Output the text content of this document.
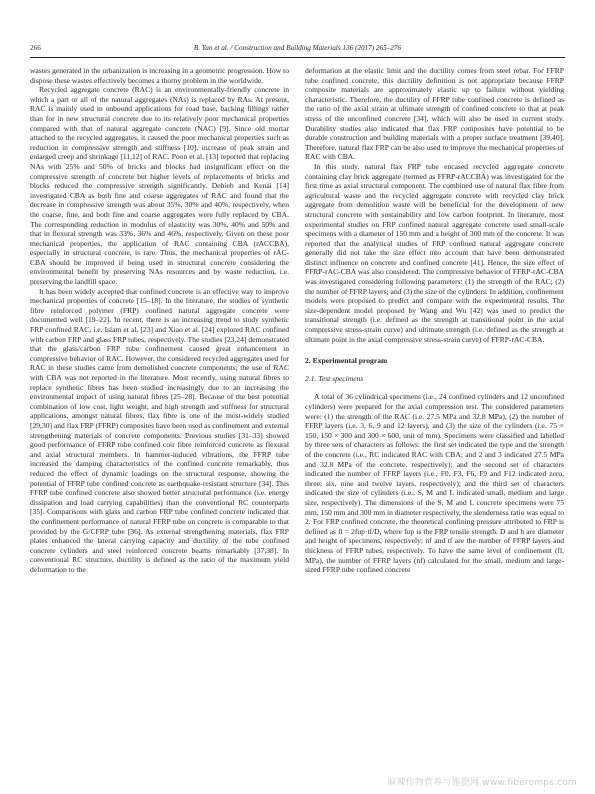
266	B. Yan et al. / Construction and Building Materials 136 (2017) 265–276

wastes generated in the urbanization is increasing in a geometric progression. How to dispose these wastes effectively becomes a thorny problem in the worldwide.

Recycled aggregate concrete (RAC) is an environmentally-friendly concrete in which a part or all of the natural aggregates (NAs) is replaced by RAs. At present, RAC is mainly used in unbound applications for road base, backing fillings rather than for in new structural concrete due to its relatively poor mechanical properties compared with that of natural aggregate concrete (NAC) [9]. Since old mortar attached to the recycled aggregates, it caused the poor mechanical properties such as reduction in compressive strength and stiffness [10], increase of peak strain and enlarged creep and shrinkage [11,12] of RAC. Poon et al. [13] reported that replacing NAs with 25% and 50% of bricks and blocks had insignificant effect on the compressive strength of concrete but higher levels of replacements of bricks and blocks reduced the compressive strength significantly. Debieb and Kenai [14] investigated CBA as both fine and coarse aggregates of RAC and found that the decrease in compressive strength was about 35%, 30% and 40%, respectively, when the coarse, fine, and both fine and coarse aggregates were fully replaced by CBA. The corresponding reduction in modulus of elasticity was 30%, 40% and 50% and that in flexural strength was 33%, 36% and 46%, respectively. Given on these poor mechanical properties, the application of RAC containing CBA (rACCBA), especially in structural concrete, is rare. Thus, the mechanical properties of rAC-CBA should be improved if being used in structural concrete considering the environmental benefit by preserving NAs resources and by waste reduction, i.e. preserving the landfill space.

It has been widely accepted that confined concrete is an effective way to improve mechanical properties of concrete [15–18]. In the literature, the studies of synthetic fibre reinforced polymer (FRP) confined natural aggregate concrete were documented well [19–22]. In recent, there is an increasing trend to study synthetic FRP confined RAC, i.e. Islam et al. [23] and Xiao et al. [24] explored RAC confined with carbon FRP and glass FRP tubes, respectively. The studies [23,24] demonstrated that the glass/carbon FRP tube confinement caused great enhancement in compressive behavior of RAC. However, the considered recycled aggregates used for RAC in these studies came from demolished concrete components; the use of RAC with CBA was not reported in the literature. Most recently, using natural fibres to replace synthetic fibres has been studied increasingly due to an increasing the environmental impact of using natural fibres [25–28]. Because of the best potential combination of low cost, light weight, and high strength and stiffness for structural applications, amongst natural fibres, flax fibre is one of the most-widely studied [29,30] and flax FRP (FFRP) composites have been used as confinement and external strengthening materials of concrete components. Previous studies [31–33] showed good performance of FFRP tube confined coir fibre reinforced concrete as flexural and axial structural members. In hammer-induced vibrations, the FFRP tube increased the damping characteristics of the confined concrete remarkably, thus reduced the effect of dynamic loadings on the structural response, showing the potential of FFRP tube confined concrete as earthquake-resistant structure [34]. This FFRP tube confined concrete also showed better structural performance (i.e. energy dissipation and load carrying capabilities) than the conventional RC counterparts [35]. Comparisons with glass and carbon FRP tube confined concrete indicated that the confinement performance of natural FFRP tube on concrete is comparable to that provided by the G/CFRP tube [36]. As external strengthening materials, flax FRP plates enhanced the lateral carrying capacity and ductility of the tube confined concrete cylinders and steel reinforced concrete beams remarkably [37,38]. In conventional RC structure, ductility is defined as the ratio of the maximum yield deformation to the

deformation at the elastic limit and the ductility comes from steel rebar. For FFRP tube confined concrete, this ductility definition is not appropriate because FFRP composite materials are approximately elastic up to failure without yielding characteristic. Therefore, the ductility of FFRP tube confined concrete is defined as the ratio of the axial strain at ultimate strength of confined concrete to that at peak stress of the unconfined concrete [34], which will also be used in current study. Durability studies also indicated that flax FRP composites have potential to be durable construction and building materials with a proper surface treatment [39,40]. Therefore, natural flax FRP can be also used to improve the mechanical properties of RAC with CBA.

In this study, natural flax FRP tube encased recycled aggregate concrete containing clay brick aggregate (termed as FFRP-rACCBA) was investigated for the first time as axial structural component. The combined use of natural flax fibre from agricultural waste and the recycled aggregate concrete with recycled clay brick aggregate from demolition waste will be beneficial for the development of new structural concrete with sustainability and low carbon footprint. In literature, most experimental studies on FRP confined natural aggregate concrete used small-scale specimens with a diameter of 150 mm and a height of 300 mm of the concrete. It was reported that the analytical studies of FRP confined natural aggregate concrete generally did not take the size effect into account that have been demonstrated distinct influence on concrete and confined concrete [41]. Hence, the size effect of FFRP-rAC-CBA was also considered. The compressive behavior of FFRP-rAC-CBA was investigated considering following parameters: (1) the strength of the RAC; (2) the number of FFRP layers; and (3) the size of the cylinders. In addition, confinement models were proposed to predict and compare with the experimental results. The size-dependent model proposed by Wang and Wu [42] was used to predict the transitional strength (i.e. defined as the strength at transitional point in the axial compressive stress-strain curve) and ultimate strength (i.e. defined as the strength at ultimate point in the axial compressive stress-strain curve) of FFRP-rAC-CBA.

2. Experimental program
2.1. Test specimens

A total of 36 cylindrical specimens (i.e., 24 confined cylinders and 12 unconfined cylinders) were prepared for the axial compression test. The considered parameters were: (1) the strength of the RAC (i.e. 27.5 MPa and 32.8 MPa), (2) the number of FFRP layers (i.e. 3, 6, 9 and 12 layers), and (3) the size of the cylinders (i.e. 75 × 150, 150 × 300 and 300 × 600, unit of mm). Specimens were classified and labelled by three sets of characters as follows: the first set indicated the type and the strength of the concrete (i.e., RC indicated RAC with CBA; and 2 and 3 indicated 27.5 MPa and 32.8 MPa of the concrete, respectively); and the second set of characters indicated the number of FFRP layers (i.e., F0, F3, F6, F9 and F12 indicated zero, three, six, nine and twelve layers, respectively); and the third set of characters indicated the size of cylinders (i.e., S, M and L indicated small, medium and large size, respectively). The dimensions of the S, M and L concrete specimens were 75 mm, 150 mm and 300 mm in diameter respectively, the slenderness ratio was equal to 2. For FRP confined concrete, the theoretical confining pressure attributed to FRP is defined as fl = 2fup·tf/D, where fup is the FRP tensile strength. D and h are diameter and height of specimens, respectively; nf and tf are the number of FFRP layers and thickness of FFRP tubes, respectively. To have the same level of confinement (fl, MPa), the number of FFRP layers (nf) calculated for the small, medium and large-sized FFRP tube confined concrete

麻辣作物营养与施肥网 www.fiberomps.com
